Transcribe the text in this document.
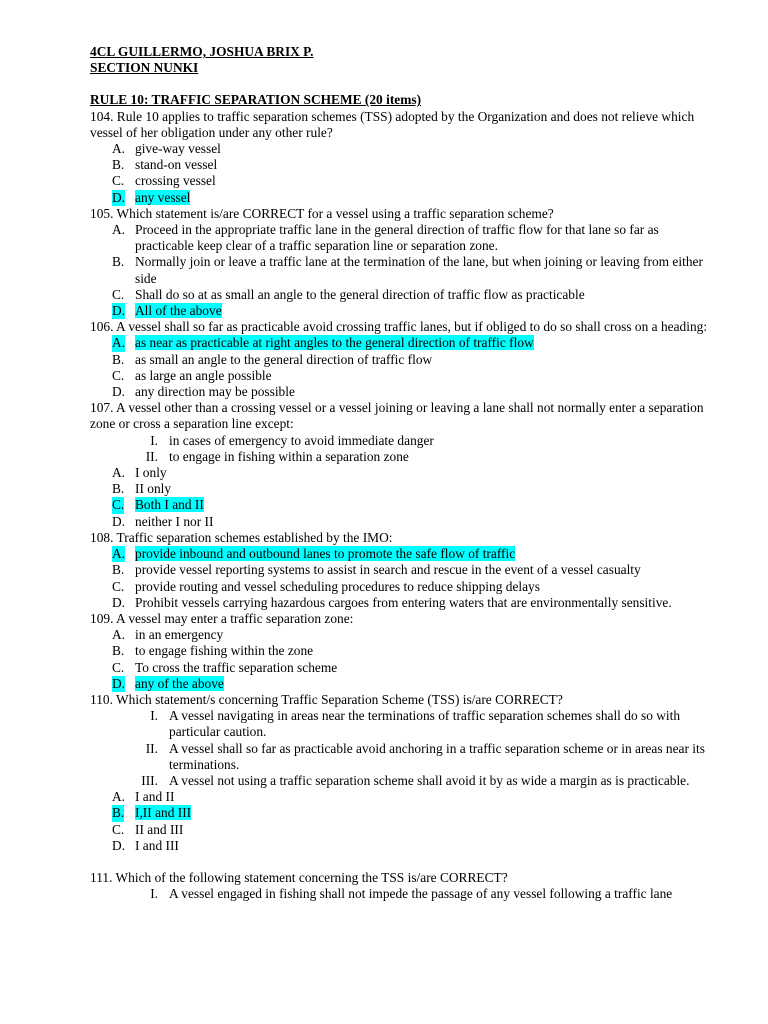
4CL GUILLERMO, JOSHUA BRIX P.
SECTION NUNKI
RULE 10: TRAFFIC SEPARATION SCHEME (20 items)
104. Rule 10 applies to traffic separation schemes (TSS) adopted by the Organization and does not relieve which vessel of her obligation under any other rule?
A. give-way vessel
B. stand-on vessel
C. crossing vessel
D. any vessel
105. Which statement is/are CORRECT for a vessel using a traffic separation scheme?
A. Proceed in the appropriate traffic lane in the general direction of traffic flow for that lane so far as practicable keep clear of a traffic separation line or separation zone.
B. Normally join or leave a traffic lane at the termination of the lane, but when joining or leaving from either side
C. Shall do so at as small an angle to the general direction of traffic flow as practicable
D. All of the above
106. A vessel shall so far as practicable avoid crossing traffic lanes, but if obliged to do so shall cross on a heading:
A. as near as practicable at right angles to the general direction of traffic flow
B. as small an angle to the general direction of traffic flow
C. as large an angle possible
D. any direction may be possible
107. A vessel other than a crossing vessel or a vessel joining or leaving a lane shall not normally enter a separation zone or cross a separation line except:
I. in cases of emergency to avoid immediate danger
II. to engage in fishing within a separation zone
A. I only
B. II only
C. Both I and II
D. neither I nor II
108. Traffic separation schemes established by the IMO:
A. provide inbound and outbound lanes to promote the safe flow of traffic
B. provide vessel reporting systems to assist in search and rescue in the event of a vessel casualty
C. provide routing and vessel scheduling procedures to reduce shipping delays
D. Prohibit vessels carrying hazardous cargoes from entering waters that are environmentally sensitive.
109. A vessel may enter a traffic separation zone:
A. in an emergency
B. to engage fishing within the zone
C. To cross the traffic separation scheme
D. any of the above
110. Which statement/s concerning Traffic Separation Scheme (TSS) is/are CORRECT?
I. A vessel navigating in areas near the terminations of traffic separation schemes shall do so with particular caution.
II. A vessel shall so far as practicable avoid anchoring in a traffic separation scheme or in areas near its terminations.
III. A vessel not using a traffic separation scheme shall avoid it by as wide a margin as is practicable.
A. I and II
B. I,II and III
C. II and III
D. I and III
111. Which of the following statement concerning the TSS is/are CORRECT?
I. A vessel engaged in fishing shall not impede the passage of any vessel following a traffic lane
